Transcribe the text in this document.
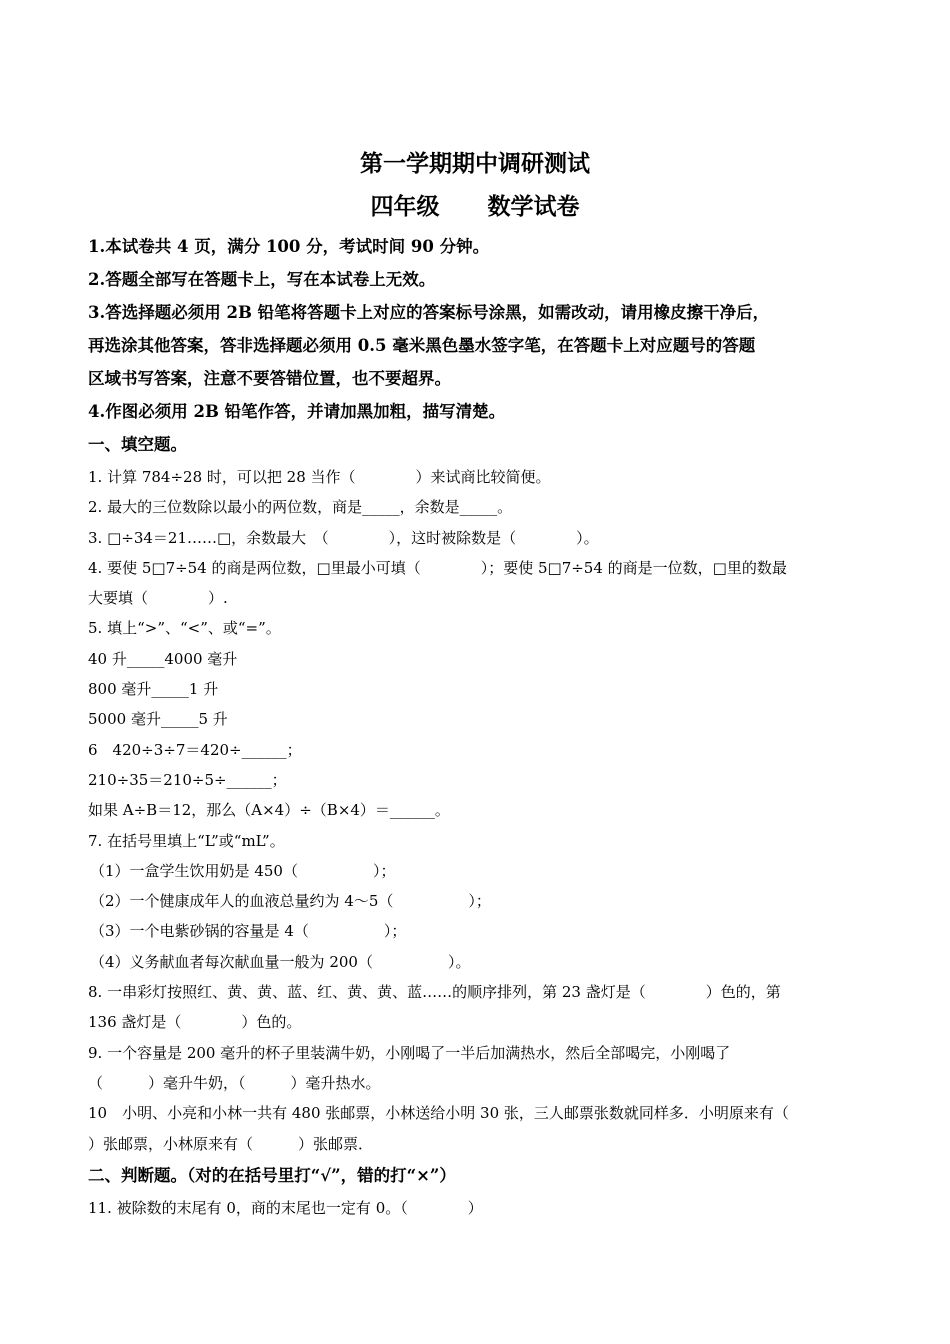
第一学期期中调研测试
四年级 数学试卷

1.本试卷共 4 页，满分 100 分，考试时间 90 分钟。

2.答题全部写在答题卡上，写在本试卷上无效。

3.答选择题必须用 2B 铅笔将答题卡上对应的答案标号涂黑，如需改动，请用橡皮擦干净后，

再选涂其他答案，答非选择题必须用 0.5 毫米黑色墨水签字笔，在答题卡上对应题号的答题

区域书写答案，注意不要答错位置，也不要超界。

4.作图必须用 2B 铅笔作答，并请加黑加粗，描写清楚。

一、填空题。

1. 计算 784÷28 时，可以把 28 当作（　　　　）来试商比较简便。

2. 最大的三位数除以最小的两位数，商是_____，余数是_____。

3. □÷34＝21……□，余数最大　（　　　　），这时被除数是（　　　　）。

4. 要使 5□7÷54 的商是两位数，□里最小可填（　　　　）；要使 5□7÷54 的商是一位数，□里的数最

大要填（　　　　）.

5. 填上“>”、“<”、或“=”。

40 升_____4000 毫升

800 毫升_____1 升

5000 毫升_____5 升

6　420÷3÷7＝420÷______；

210÷35＝210÷5÷______；

如果 A÷B＝12，那么（A×4）÷（B×4）＝______。

7. 在括号里填上“L”或“mL”。

（1）一盒学生饮用奶是 450（　　　　　）；

（2）一个健康成年人的血液总量约为 4～5（　　　　　）；

（3）一个电紫砂锅的容量是 4（　　　　　）；

（4）义务献血者每次献血量一般为 200（　　　　　）。

8. 一串彩灯按照红、黄、黄、蓝、红、黄、黄、蓝……的顺序排列，第 23 盏灯是（　　　　）色的，第

136 盏灯是（　　　　）色的。

9. 一个容量是 200 毫升的杯子里装满牛奶，小刚喝了一半后加满热水，然后全部喝完，小刚喝了

（　　　）毫升牛奶，（　　　）毫升热水。

10　小明、小亮和小林一共有 480 张邮票，小林送给小明 30 张，三人邮票张数就同样多．小明原来有（

）张邮票，小林原来有（　　　）张邮票．

二、判断题。（对的在括号里打“√”，错的打“×”）

11. 被除数的末尾有 0，商的末尾也一定有 0。（　　　　）
